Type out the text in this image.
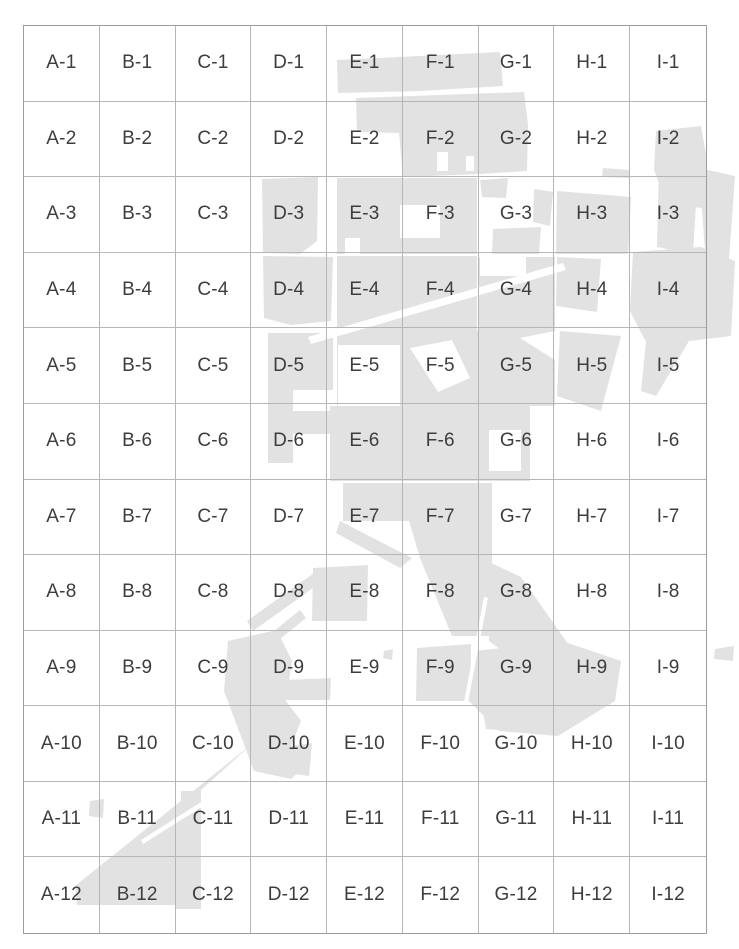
A-1 B-1 C-1 D-1 E-1 F-1 G-1 H-1	I-1
A-2 B-2 C-2 D-2 E-2 F-2 G-2 H-2	I-2
A-3 B-3 C-3 D-3 E-3 F-3 G-3 H-3	I-3
A-4 B-4 C-4 D-4 E-4 F-4 G-4 H-4	I-4
A-5 B-5 C-5 D-5 E-5 F-5 G-5 H-5	I-5
A-6 B-6 C-6 D-6 E-6 F-6 G-6 H-6	I-6
A-7 B-7 C-7 D-7 E-7 F-7 G-7 H-7	I-7
A-8 B-8 C-8 D-8 E-8 F-8 G-8 H-8	I-8
A-9 B-9 C-9 D-9 E-9 F-9 G-9 H-9	I-9
A-10 B-10 C-10 D-10 E-10 F-10 G-10 H-10 I-10
A-11 B-11 C-11 D-11 E-11 F-11 G-11 H-11 I-11
A-12 B-12 C-12 D-12 E-12 F-12 G-12 H-12 I-12
